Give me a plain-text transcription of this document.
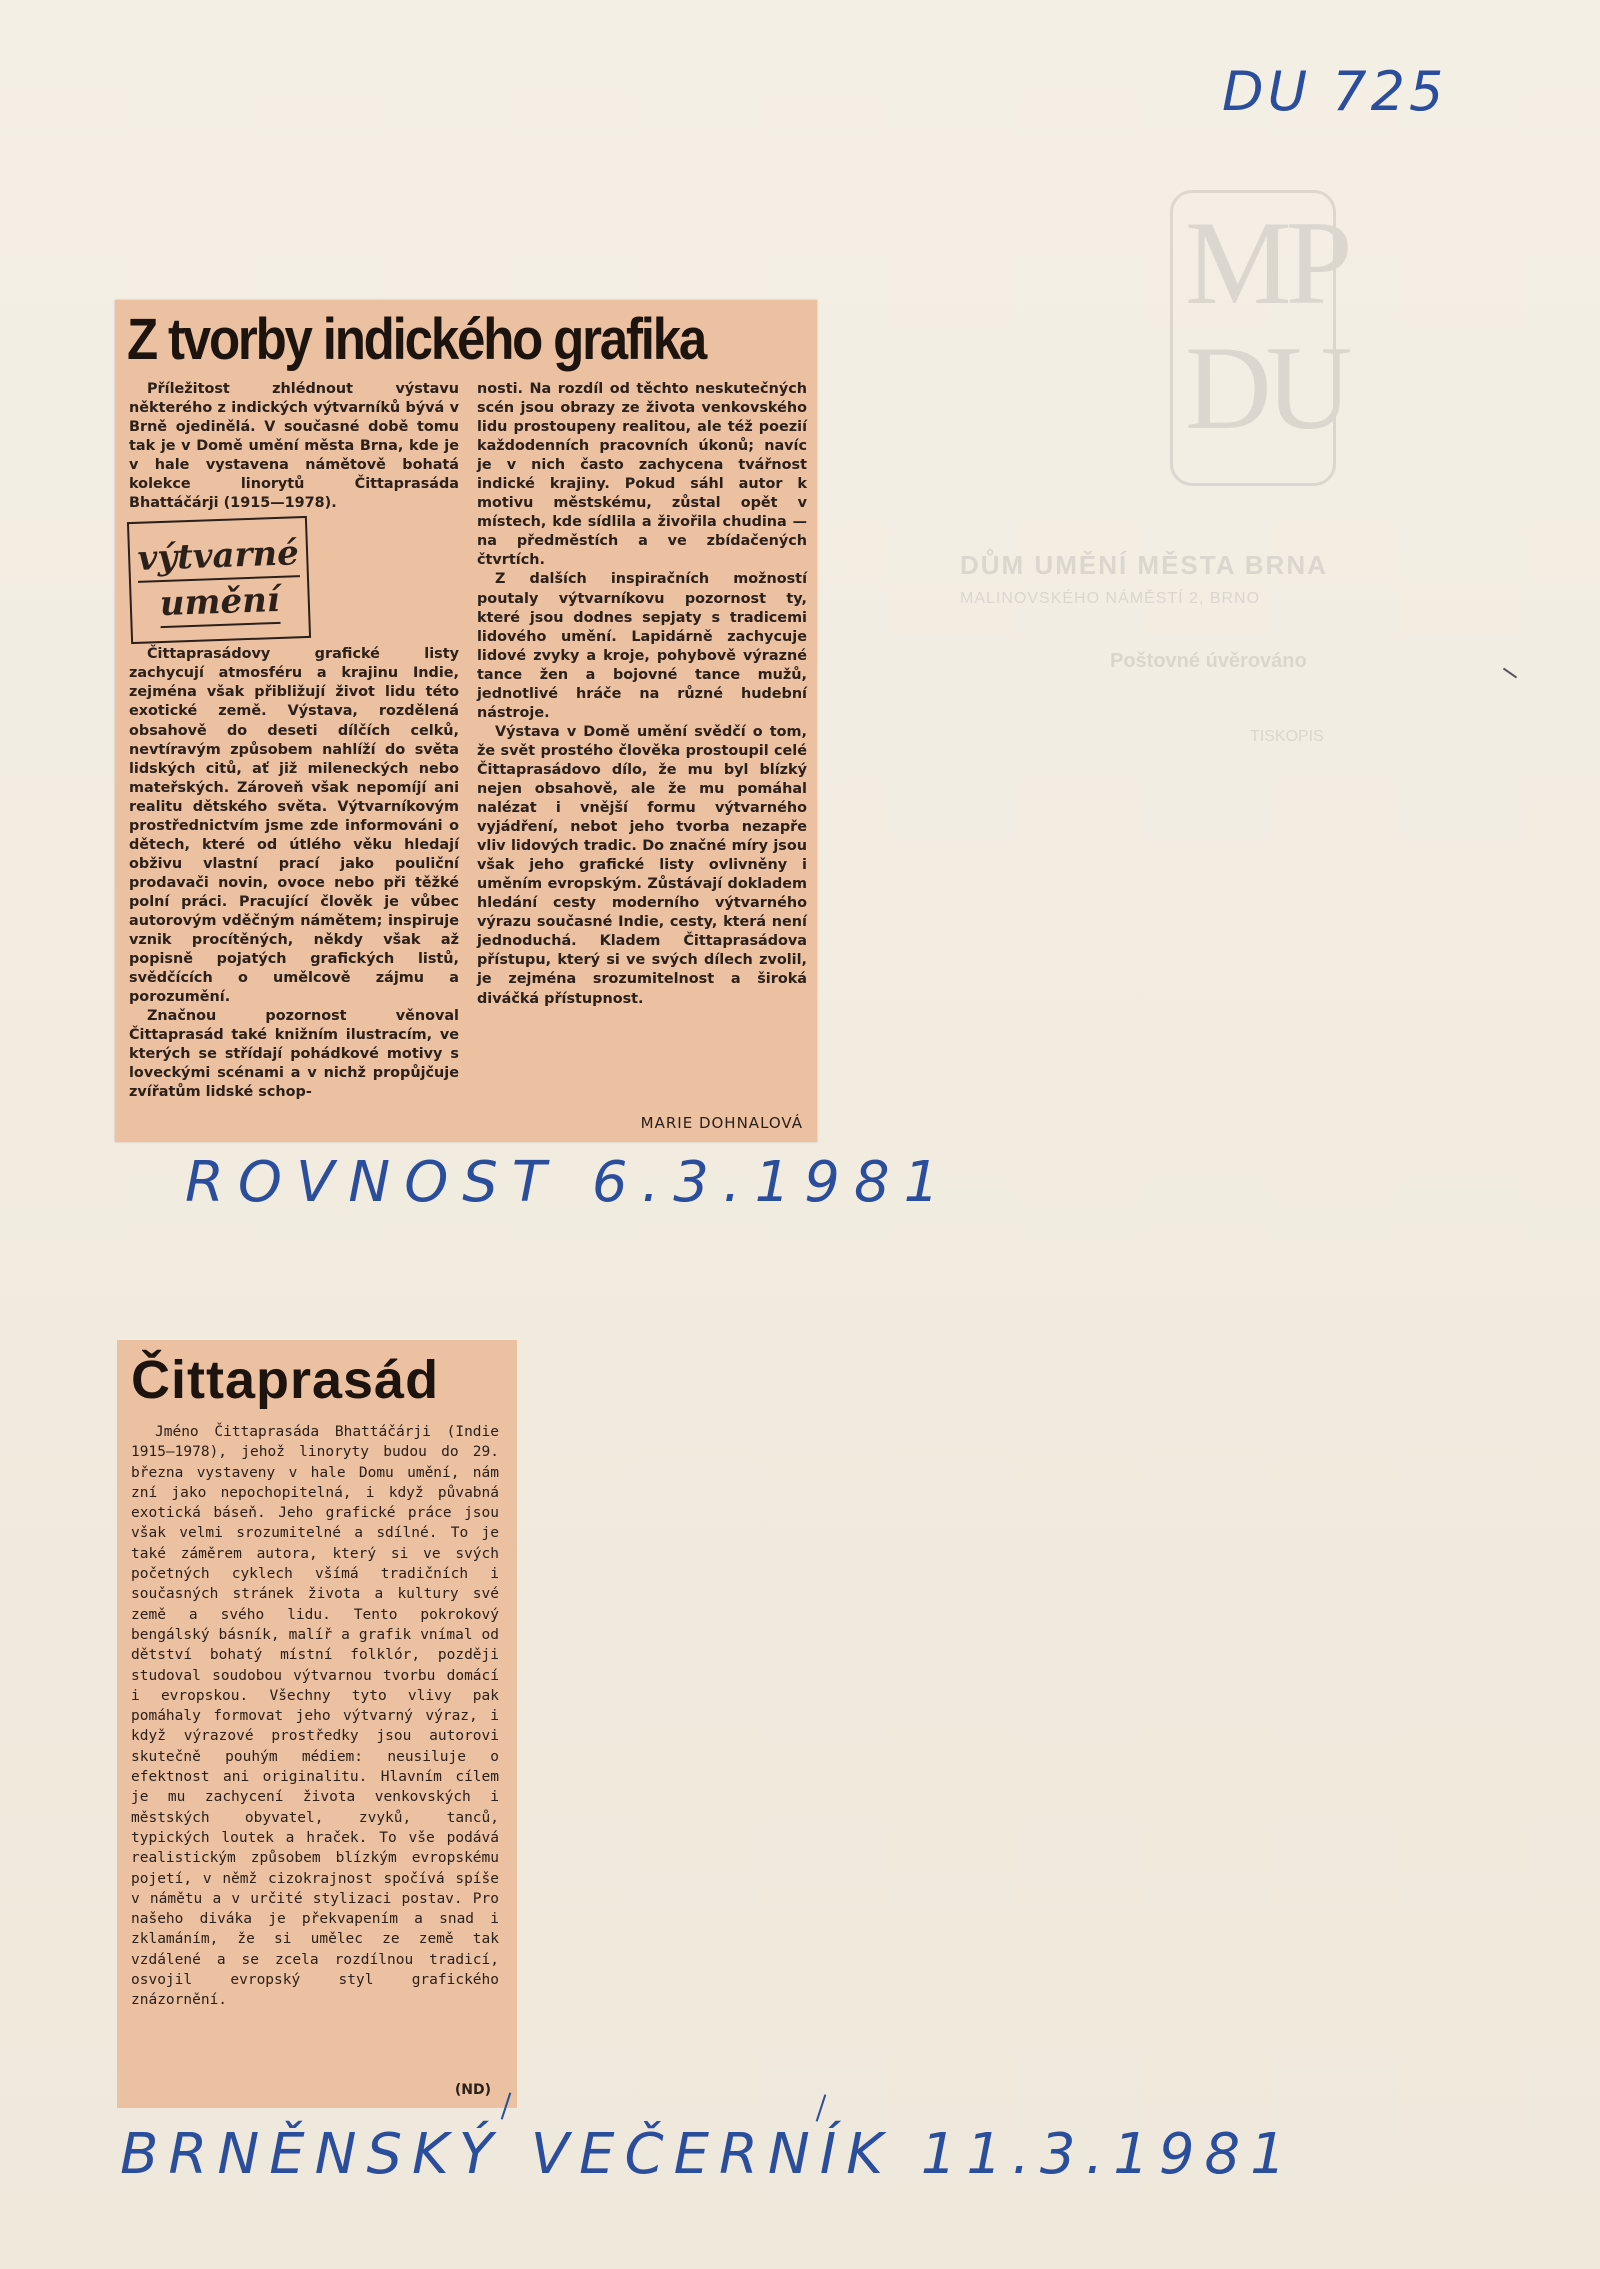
MP DU
DŮM UMĚNÍ MĚSTA BRNA
MALINOVSKÉHO NÁMĚSTÍ 2, BRNO
Poštovné úvěrováno
TISKOPIS
DU 725
Z tvorby indického grafika

Příležitost zhlédnout výstavu některého z indických výtvarníků bývá v Brně ojedinělá. V současné době tomu tak je v Domě umění města Brna, kde je v hale vystavena námětově bohatá kolekce linorytů Čittaprasáda Bhattáčárji (1915—1978).

výtvarné
umění
Čittaprasádovy grafické listy zachycují atmosféru a krajinu Indie, zejména však přibližují život lidu této exotické země. Výstava, rozdělená obsahově do deseti dílčích celků, nevtíravým způsobem nahlíží do světa lidských citů, ať již mileneckých nebo mateřských. Zároveň však nepomíjí ani realitu dětského světa. Výtvarníkovým prostřednictvím jsme zde informováni o dětech, které od útlého věku hledají obživu vlastní prací jako pouliční prodavači novin, ovoce nebo při těžké polní práci. Pracující člověk je vůbec autorovým vděčným námětem; inspiruje vznik procítěných, někdy však až popisně pojatých grafických listů, svědčících o umělcově zájmu a porozumění.

Značnou pozornost věnoval Čittaprasád také knižním ilustracím, ve kterých se střídají pohádkové motivy s loveckými scénami a v nichž propůjčuje zvířatům lidské schop-

nosti. Na rozdíl od těchto neskutečných scén jsou obrazy ze života venkovského lidu prostoupeny realitou, ale též poezií každodenních pracovních úkonů; navíc je v nich často zachycena tvářnost indické krajiny. Pokud sáhl autor k motivu městskému, zůstal opět v místech, kde sídlila a živořila chudina — na předměstích a ve zbídačených čtvrtích.

Z dalších inspiračních možností poutaly výtvarníkovu pozornost ty, které jsou dodnes sepjaty s tradicemi lidového umění. Lapidárně zachycuje lidové zvyky a kroje, pohybově výrazné tance žen a bojovné tance mužů, jednotlivé hráče na různé hudební nástroje.

Výstava v Domě umění svědčí o tom, že svět prostého člověka prostoupil celé Čittaprasádovo dílo, že mu byl blízký nejen obsahově, ale že mu pomáhal nalézat i vnější formu výtvarného vyjádření, nebot jeho tvorba nezapře vliv lidových tradic. Do značné míry jsou však jeho grafické listy ovlivněny i uměním evropským. Zůstávají dokladem hledání cesty moderního výtvarného výrazu současné Indie, cesty, která není jednoduchá. Kladem Čittaprasádova přístupu, který si ve svých dílech zvolil, je zejména srozumitelnost a široká diváčká přístupnost.

MARIE DOHNALOVÁ
ROVNOST 6.3.1981
Čittaprasád

Jméno Čittaprasáda Bhattáčárji (Indie 1915—1978), jehož linoryty budou do 29. března vystaveny v hale Domu umění, nám zní jako nepochopitelná, i když půvabná exotická báseň. Jeho grafické práce jsou však velmi srozumitelné a sdílné. To je také záměrem autora, který si ve svých početných cyklech všímá tradičních i současných stránek života a kultury své země a svého lidu. Tento pokrokový bengálský básník, malíř a grafik vnímal od dětství bohatý místní folklór, později studoval soudobou výtvarnou tvorbu domácí i evropskou. Všechny tyto vlivy pak pomáhaly formovat jeho výtvarný výraz, i když výrazové prostředky jsou autorovi skutečně pouhým médiem: neusiluje o efektnost ani originalitu. Hlavním cílem je mu zachycení života venkovských i městských obyvatel, zvyků, tanců, typických loutek a hraček. To vše podává realistickým způsobem blízkým evropskému pojetí, v němž cizokrajnost spočívá spíše v námětu a v určité stylizaci postav. Pro našeho diváka je překvapením a snad i zklamáním, že si umělec ze země tak vzdálené a se zcela rozdílnou tradicí, osvojil evropský styl grafického znázornění.

(ND)
BRNĚNSKÝ VEČERNÍK 11.3.1981
